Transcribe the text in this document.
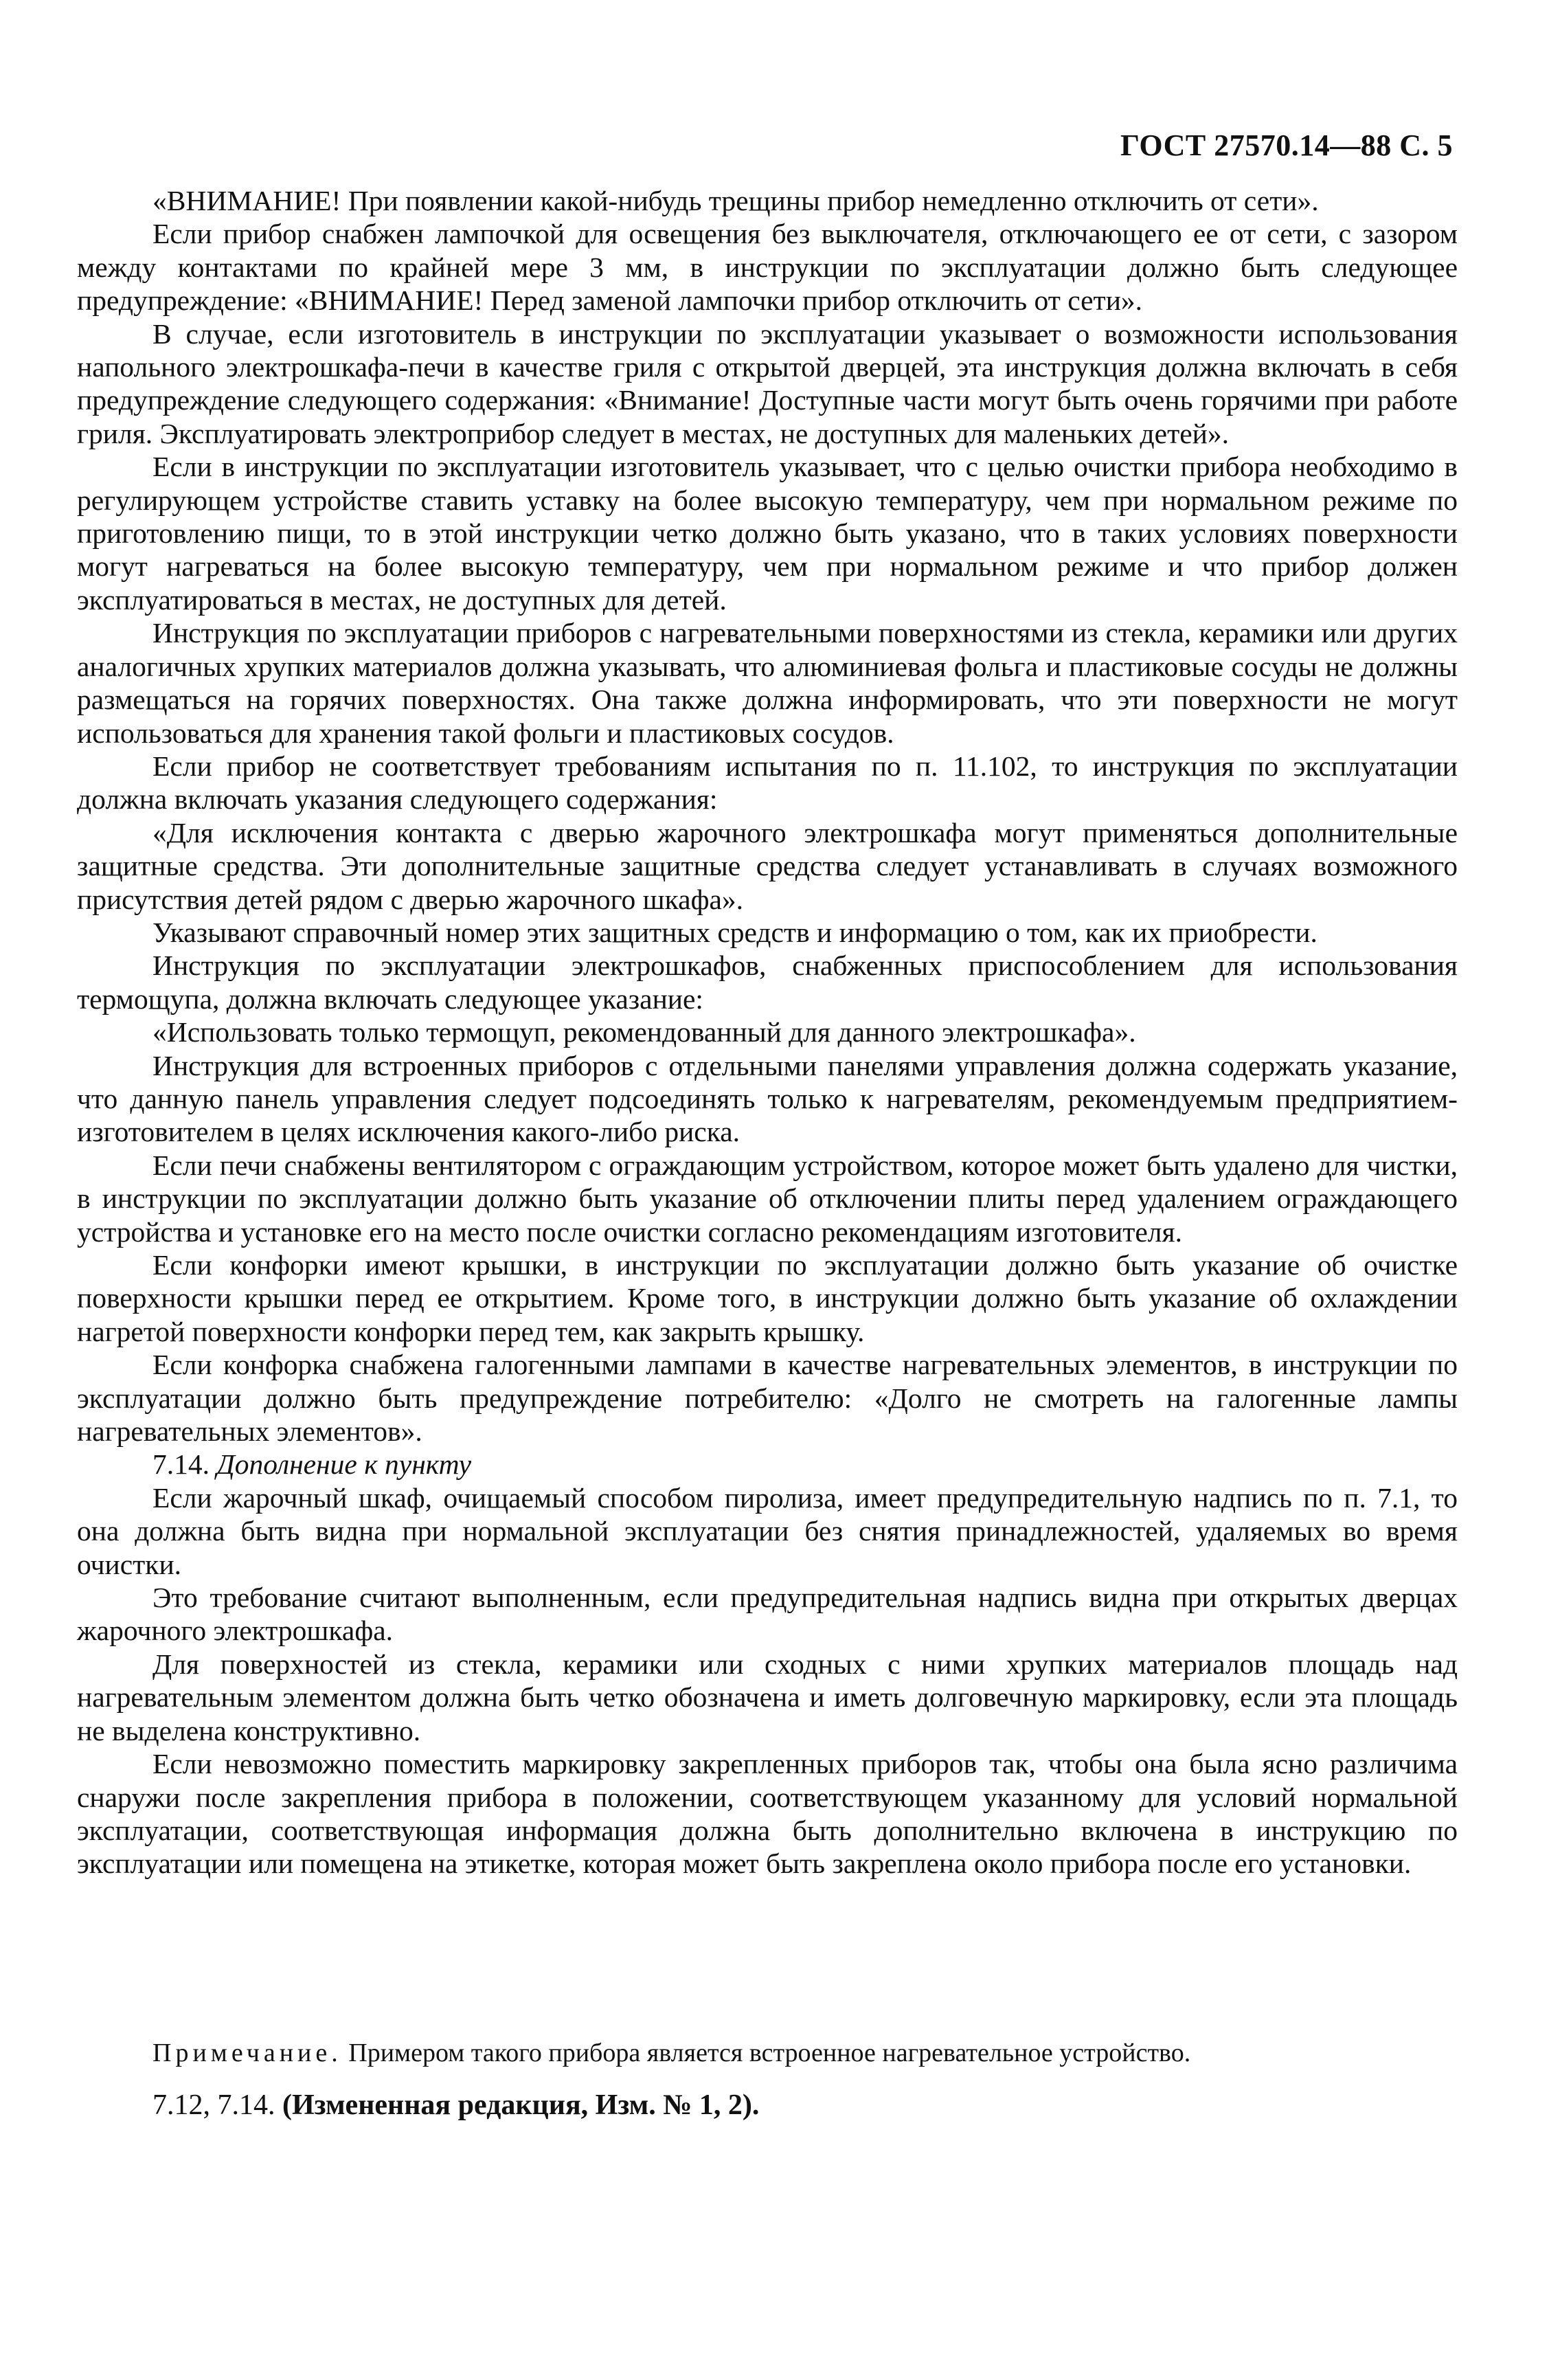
ГОСТ 27570.14—88 С. 5

«ВНИМАНИЕ! При появлении какой-нибудь трещины прибор немедленно отключить от сети».

Если прибор снабжен лампочкой для освещения без выключателя, отключающего ее от сети, с зазором между контактами по крайней мере 3 мм, в инструкции по эксплуатации должно быть следующее предупреждение: «ВНИМАНИЕ! Перед заменой лампочки прибор отключить от сети».

В случае, если изготовитель в инструкции по эксплуатации указывает о возможности использования напольного электрошкафа-печи в качестве гриля с открытой дверцей, эта инструкция должна включать в себя предупреждение следующего содержания: «Внимание! Доступные части могут быть очень горячими при работе гриля. Эксплуатировать электроприбор следует в местах, не доступных для маленьких детей».

Если в инструкции по эксплуатации изготовитель указывает, что с целью очистки прибора необходимо в регулирующем устройстве ставить уставку на более высокую температуру, чем при нормальном режиме по приготовлению пищи, то в этой инструкции четко должно быть указано, что в таких условиях поверхности могут нагреваться на более высокую температуру, чем при нормальном режиме и что прибор должен эксплуатироваться в местах, не доступных для детей.

Инструкция по эксплуатации приборов с нагревательными поверхностями из стекла, керамики или других аналогичных хрупких материалов должна указывать, что алюминиевая фольга и пластиковые сосуды не должны размещаться на горячих поверхностях. Она также должна информировать, что эти поверхности не могут использоваться для хранения такой фольги и пластиковых сосудов.

Если прибор не соответствует требованиям испытания по п. 11.102, то инструкция по эксплуатации должна включать указания следующего содержания:

«Для исключения контакта с дверью жарочного электрошкафа могут применяться дополнительные защитные средства. Эти дополнительные защитные средства следует устанавливать в случаях возможного присутствия детей рядом с дверью жарочного шкафа».

Указывают справочный номер этих защитных средств и информацию о том, как их приобрести.

Инструкция по эксплуатации электрошкафов, снабженных приспособлением для использования термощупа, должна включать следующее указание:

«Использовать только термощуп, рекомендованный для данного электрошкафа».

Инструкция для встроенных приборов с отдельными панелями управления должна содержать указание, что данную панель управления следует подсоединять только к нагревателям, рекомендуемым предприятием-изготовителем в целях исключения какого-либо риска.

Если печи снабжены вентилятором с ограждающим устройством, которое может быть удалено для чистки, в инструкции по эксплуатации должно быть указание об отключении плиты перед удалением ограждающего устройства и установке его на место после очистки согласно рекомендациям изготовителя.

Если конфорки имеют крышки, в инструкции по эксплуатации должно быть указание об очистке поверхности крышки перед ее открытием. Кроме того, в инструкции должно быть указание об охлаждении нагретой поверхности конфорки перед тем, как закрыть крышку.

Если конфорка снабжена галогенными лампами в качестве нагревательных элементов, в инструкции по эксплуатации должно быть предупреждение потребителю: «Долго не смотреть на галогенные лампы нагревательных элементов».

7.14. Дополнение к пункту

Если жарочный шкаф, очищаемый способом пиролиза, имеет предупредительную надпись по п. 7.1, то она должна быть видна при нормальной эксплуатации без снятия принадлежностей, удаляемых во время очистки.

Это требование считают выполненным, если предупредительная надпись видна при открытых дверцах жарочного электрошкафа.

Для поверхностей из стекла, керамики или сходных с ними хрупких материалов площадь над нагревательным элементом должна быть четко обозначена и иметь долговечную маркировку, если эта площадь не выделена конструктивно.

Если невозможно поместить маркировку закрепленных приборов так, чтобы она была ясно различима снаружи после закрепления прибора в положении, соответствующем указанному для условий нормальной эксплуатации, соответствующая информация должна быть дополнительно включена в инструкцию по эксплуатации или помещена на этикетке, которая может быть закреплена около прибора после его установки.

Примечание. Примером такого прибора является встроенное нагревательное устройство.
7.12, 7.14. (Измененная редакция, Изм. № 1, 2).
